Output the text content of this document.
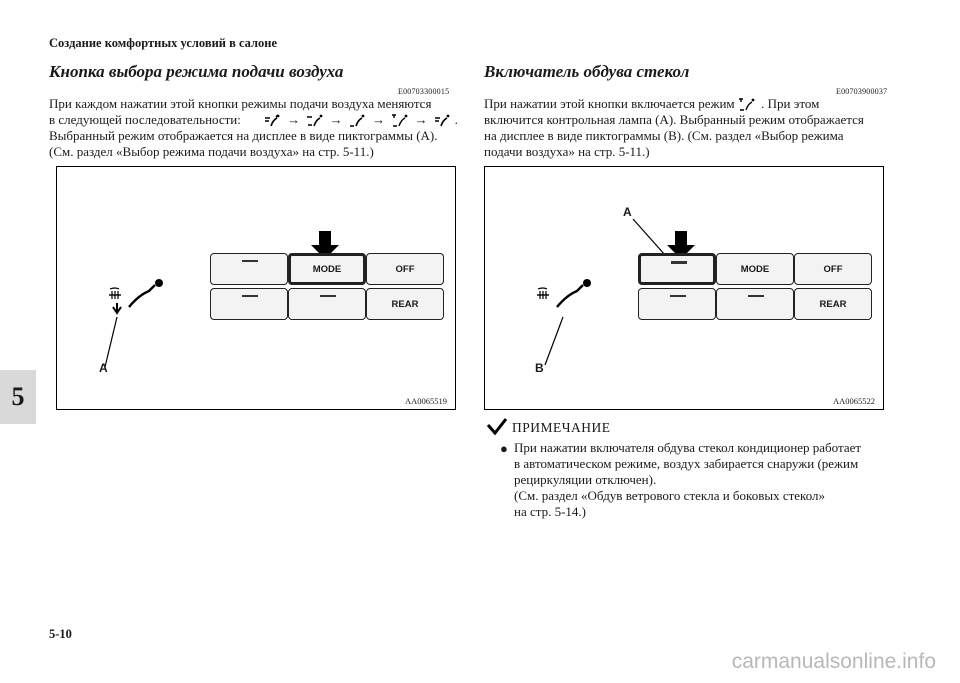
Создание комфортных условий в салоне
5
Кнопка выбора режима подачи воздуха
E00703300015
При каждом нажатии этой кнопки режимы подачи воздуха меняются
в следующей последовательности:	→ → → → .
Выбранный режим отображается на дисплее в виде пиктограммы (A).
(См. раздел «Выбор режима подачи воздуха» на стр. 5-11.)
MODE	OFF
REAR
A
AA0065519
Включатель обдува стекол
E00703900037
При нажатии этой кнопки включается режим . При этом
включится контрольная лампа (A). Выбранный режим отображается
на дисплее в виде пиктограммы (B). (См. раздел «Выбор режима
подачи воздуха» на стр. 5-11.)
MODE	OFF
REAR
A
B
AA0065522
ПРИМЕЧАНИЕ
● При нажатии включателя обдува стекол кондиционер работает
в автоматическом режиме, воздух забирается снаружи (режим
рециркуляции отключен).
(См. раздел «Обдув ветрового стекла и боковых стекол»
на стр. 5-14.)
5-10
carmanualsonline.info
